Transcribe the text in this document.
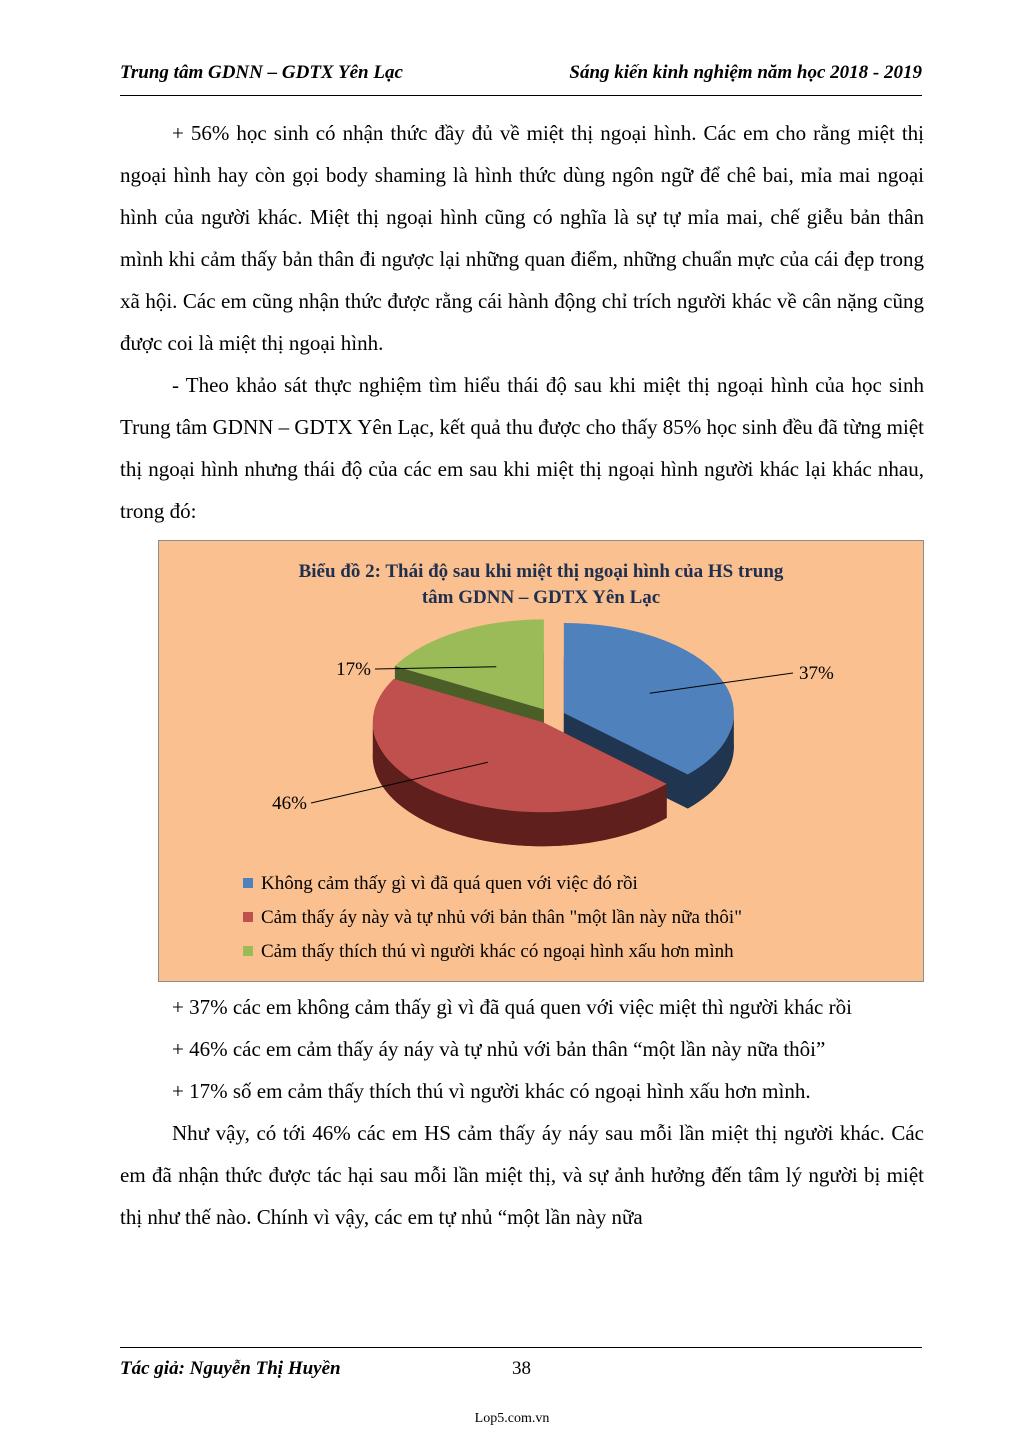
Trung tâm GDNN – GDTX Yên Lạc	Sáng kiến kinh nghiệm năm học 2018 - 2019

+ 56% học sinh có nhận thức đầy đủ về miệt thị ngoại hình. Các em cho rằng miệt thị ngoại hình hay còn gọi body shaming là hình thức dùng ngôn ngữ để chê bai, mỉa mai ngoại hình của người khác. Miệt thị ngoại hình cũng có nghĩa là sự tự mỉa mai, chế giễu bản thân mình khi cảm thấy bản thân đi ngược lại những quan điểm, những chuẩn mực của cái đẹp trong xã hội. Các em cũng nhận thức được rằng cái hành động chỉ trích người khác về cân nặng cũng được coi là miệt thị ngoại hình.

- Theo khảo sát thực nghiệm tìm hiểu thái độ sau khi miệt thị ngoại hình của học sinh Trung tâm GDNN – GDTX Yên Lạc, kết quả thu được cho thấy 85% học sinh đều đã từng miệt thị ngoại hình nhưng thái độ của các em sau khi miệt thị ngoại hình người khác lại khác nhau, trong đó:

Biểu đồ 2: Thái độ sau khi miệt thị ngoại hình của HS trung
tâm GDNN – GDTX Yên Lạc
37%
46%
17%
Không cảm thấy gì vì đã quá quen với việc đó rồi
Cảm thấy áy này và tự nhủ với bản thân "một lần này nữa thôi"
Cảm thấy thích thú vì người khác có ngoại hình xấu hơn mình

+ 37% các em không cảm thấy gì vì đã quá quen với việc miệt thì người khác rồi

+ 46% các em cảm thấy áy náy và tự nhủ với bản thân “một lần này nữa thôi”

+ 17% số em cảm thấy thích thú vì người khác có ngoại hình xấu hơn mình.

Như vậy, có tới 46% các em HS cảm thấy áy náy sau mỗi lần miệt thị người khác. Các em đã nhận thức được tác hại sau mỗi lần miệt thị, và sự ảnh hưởng đến tâm lý người bị miệt thị như thế nào. Chính vì vậy, các em tự nhủ “một lần này nữa

Tác giả: Nguyễn Thị Huyền	38
Lop5.com.vn
